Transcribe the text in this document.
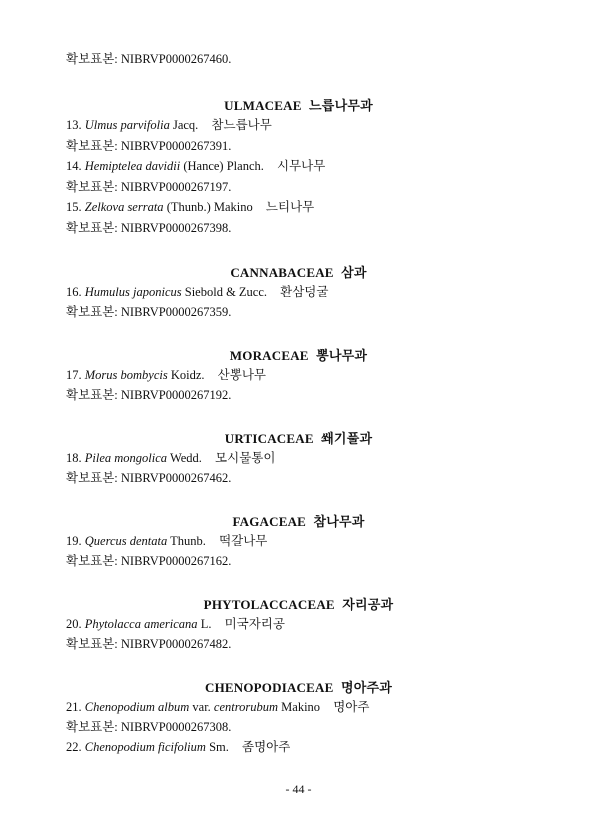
확보표본: NIBRVP0000267460.
ULMACEAE 느릅나무과
13. Ulmus parvifolia Jacq. 참느릅나무
확보표본: NIBRVP0000267391.
14. Hemiptelea davidii (Hance) Planch. 시무나무
확보표본: NIBRVP0000267197.
15. Zelkova serrata (Thunb.) Makino 느티나무
확보표본: NIBRVP0000267398.
CANNABACEAE 삼과
16. Humulus japonicus Siebold & Zucc. 환삼덩굴
확보표본: NIBRVP0000267359.
MORACEAE 뽕나무과
17. Morus bombycis Koidz. 산뽕나무
확보표본: NIBRVP0000267192.
URTICACEAE 쐐기풀과
18. Pilea mongolica Wedd. 모시물통이
확보표본: NIBRVP0000267462.
FAGACEAE 참나무과
19. Quercus dentata Thunb. 떡갈나무
확보표본: NIBRVP0000267162.
PHYTOLACCACEAE 자리공과
20. Phytolacca americana L. 미국자리공
확보표본: NIBRVP0000267482.
CHENOPODIACEAE 명아주과
21. Chenopodium album var. centrorubum Makino 명아주
확보표본: NIBRVP0000267308.
22. Chenopodium ficifolium Sm. 좀명아주
- 44 -
